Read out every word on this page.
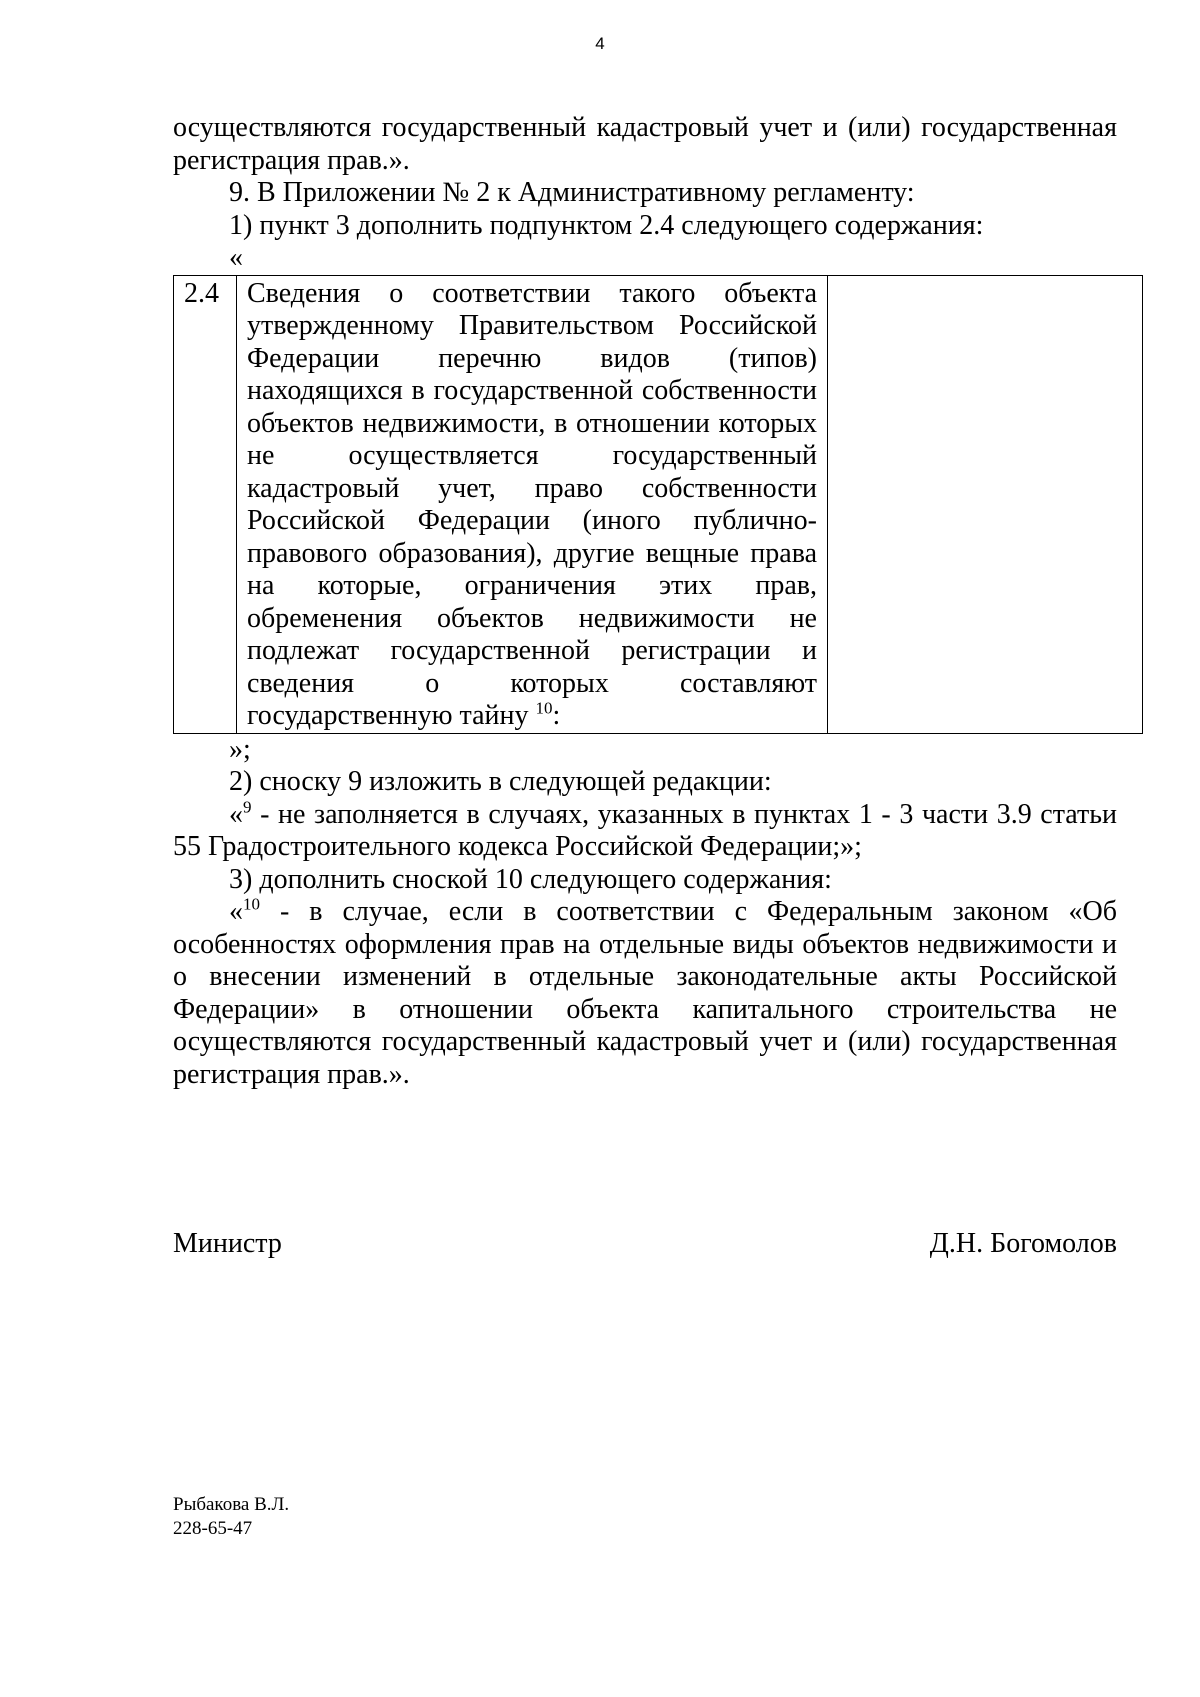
4

осуществляются государственный кадастровый учет и (или) государственная регистрация прав.».

9. В Приложении № 2 к Административному регламенту:

1) пункт 3 дополнить подпунктом 2.4 следующего содержания:

«

2.4	Сведения о соответствии такого объекта утвержденному Правительством Российской Федерации перечню видов (типов) находящихся в государственной собственности объектов недвижимости, в отношении которых не осуществляется государственный кадастровый учет, право собственности Российской Федерации (иного публично-правового образования), другие вещные права на которые, ограничения этих прав, обременения объектов недвижимости не подлежат государственной регистрации и сведения о которых составляют государственную тайну $^{10}$:	

»;

2) сноску 9 изложить в следующей редакции:

«$^9$ - не заполняется в случаях, указанных в пунктах 1 - 3 части 3.9 статьи 55 Градостроительного кодекса Российской Федерации;»;

3) дополнить сноской 10 следующего содержания:

«$^{10}$ - в случае, если в соответствии с Федеральным законом «Об особенностях оформления прав на отдельные виды объектов недвижимости и о внесении изменений в отдельные законодательные акты Российской Федерации» в отношении объекта капитального строительства не осуществляются государственный кадастровый учет и (или) государственная регистрация прав.».

Министр	Д.Н. Богомолов
Рыбакова В.Л.
228-65-47
